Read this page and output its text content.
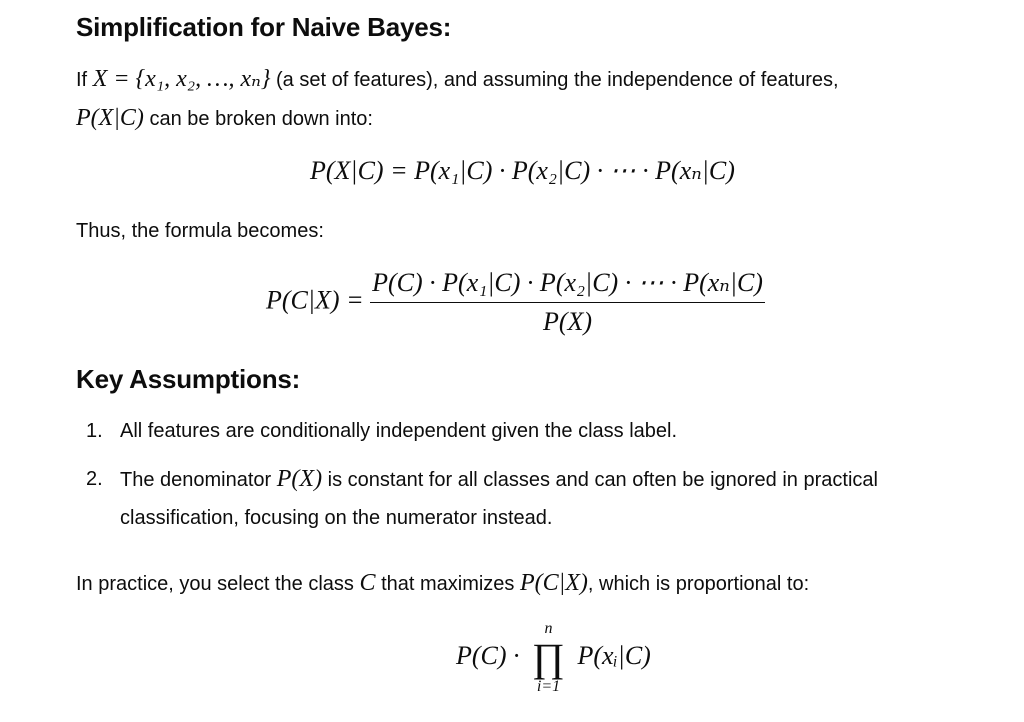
Simplification for Naive Bayes:

If X = {x₁, x₂, …, xₙ} (a set of features), and assuming the independence of features,
P(X|C) can be broken down into:

P(X|C) = P(x₁|C) · P(x₂|C) · ⋯ · P(xₙ|C)

Thus, the formula becomes:

$P(C|X) = \frac{\text{P(C) · P(x₁|C) · P(x₂|C) · ⋯ · P(xₙ|C)}}{P(X)}$
Key Assumptions:
1. All features are conditionally independent given the class label.
2. The denominator P(X) is constant for all classes and can often be ignored in practical classification, focusing on the numerator instead.

In practice, you select the class C that maximizes P(C|X), which is proportional to:

P(C) ·
n
∏
i=1
P(xᵢ|C)
